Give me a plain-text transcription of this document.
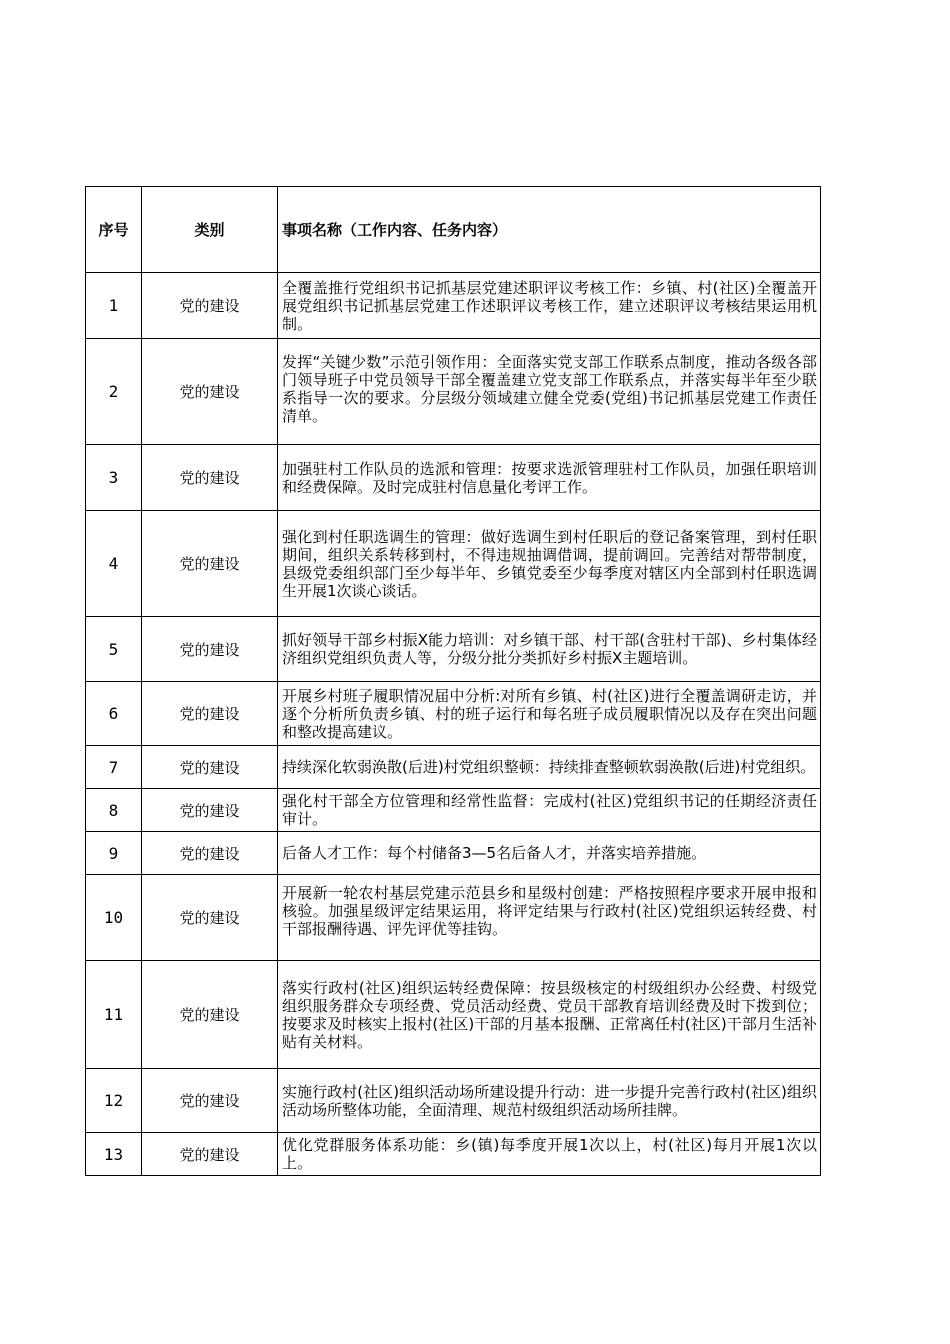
序号	类别	事项名称（工作内容、任务内容）
1	党的建设	全覆盖推行党组织书记抓基层党建述职评议考核工作：乡镇、村(社区)全覆盖开展党组织书记抓基层党建工作述职评议考核工作，建立述职评议考核结果运用机制。
2	党的建设	发挥“关键少数”示范引领作用：全面落实党支部工作联系点制度，推动各级各部门领导班子中党员领导干部全覆盖建立党支部工作联系点，并落实每半年至少联系指导一次的要求。分层级分领域建立健全党委(党组)书记抓基层党建工作责任清单。
3	党的建设	加强驻村工作队员的选派和管理：按要求选派管理驻村工作队员，加强任职培训和经费保障。及时完成驻村信息量化考评工作。
4	党的建设	强化到村任职选调生的管理：做好选调生到村任职后的登记备案管理，到村任职期间，组织关系转移到村，不得违规抽调借调，提前调回。完善结对帮带制度，县级党委组织部门至少每半年、乡镇党委至少每季度对辖区内全部到村任职选调生开展1次谈心谈话。
5	党的建设	抓好领导干部乡村振X能力培训：对乡镇干部、村干部(含驻村干部)、乡村集体经济组织党组织负责人等，分级分批分类抓好乡村振X主题培训。
6	党的建设	开展乡村班子履职情况届中分析:对所有乡镇、村(社区)进行全覆盖调研走访，并逐个分析所负责乡镇、村的班子运行和每名班子成员履职情况以及存在突出问题和整改提高建议。
7	党的建设	持续深化软弱涣散(后进)村党组织整顿：持续排查整顿软弱涣散(后进)村党组织。
8	党的建设	强化村干部全方位管理和经常性监督：完成村(社区)党组织书记的任期经济责任审计。
9	党的建设	后备人才工作：每个村储备3—5名后备人才，并落实培养措施。
10	党的建设	开展新一轮农村基层党建示范县乡和星级村创建：严格按照程序要求开展申报和核验。加强星级评定结果运用，将评定结果与行政村(社区)党组织运转经费、村干部报酬待遇、评先评优等挂钩。
11	党的建设	落实行政村(社区)组织运转经费保障：按县级核定的村级组织办公经费、村级党组织服务群众专项经费、党员活动经费、党员干部教育培训经费及时下拨到位；按要求及时核实上报村(社区)干部的月基本报酬、正常离任村(社区)干部月生活补贴有关材料。
12	党的建设	实施行政村(社区)组织活动场所建设提升行动：进一步提升完善行政村(社区)组织活动场所整体功能，全面清理、规范村级组织活动场所挂牌。
13	党的建设	优化党群服务体系功能：乡(镇)每季度开展1次以上，村(社区)每月开展1次以上。
